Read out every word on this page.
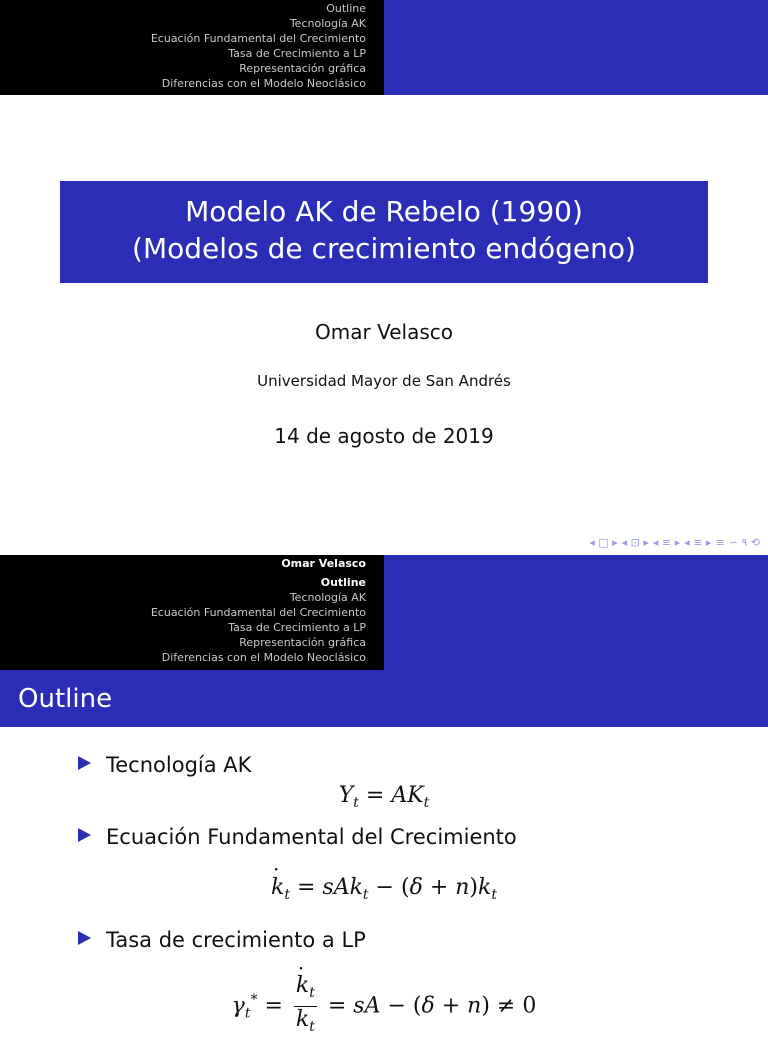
Outline
Tecnología AK
Ecuación Fundamental del Crecimiento
Tasa de Crecimiento a LP
Representación gráfica
Diferencias con el Modelo Neoclásico
Modelo AK de Rebelo (1990)
(Modelos de crecimiento endógeno)
Omar Velasco
Universidad Mayor de San Andrés
14 de agosto de 2019
◂ □ ▸ ◂ ⊡ ▸ ◂ ≡ ▸ ◂ ≡ ▸ ≡ ∽ ۹ ⟲
Omar Velasco
Outline
Tecnología AK
Ecuación Fundamental del Crecimiento
Tasa de Crecimiento a LP
Representación gráfica
Diferencias con el Modelo Neoclásico
Outline
Tecnología AK
$Y_t = AK_t$
Ecuación Fundamental del Crecimiento
· $k_t = sAk_t - (\delta + n)k_t$
Tasa de crecimiento a LP
$\gamma_t^*$ =
· $\frac{k_t}{k_t}$ = sA − (δ + n) ≠ 0
